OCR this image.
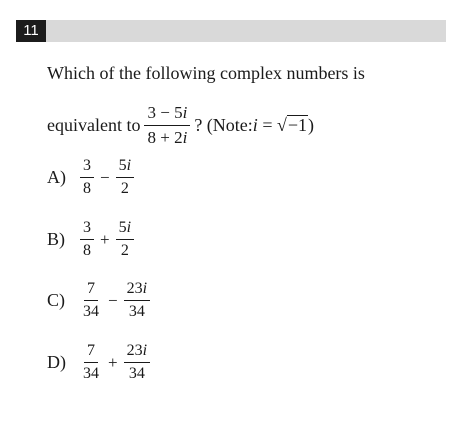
11
Which of the following complex numbers is
equivalent to $\frac{3 - 5i}{8 + 2i}$ ? (Note: i = √ −1 )
$A) \frac{3}{8} - \frac{5i}{2}$
$B) \frac{3}{8} + \frac{5i}{2}$
$C) \frac{7}{34} - \frac{23i}{34}$
$D) \frac{7}{34} + \frac{23i}{34}$
